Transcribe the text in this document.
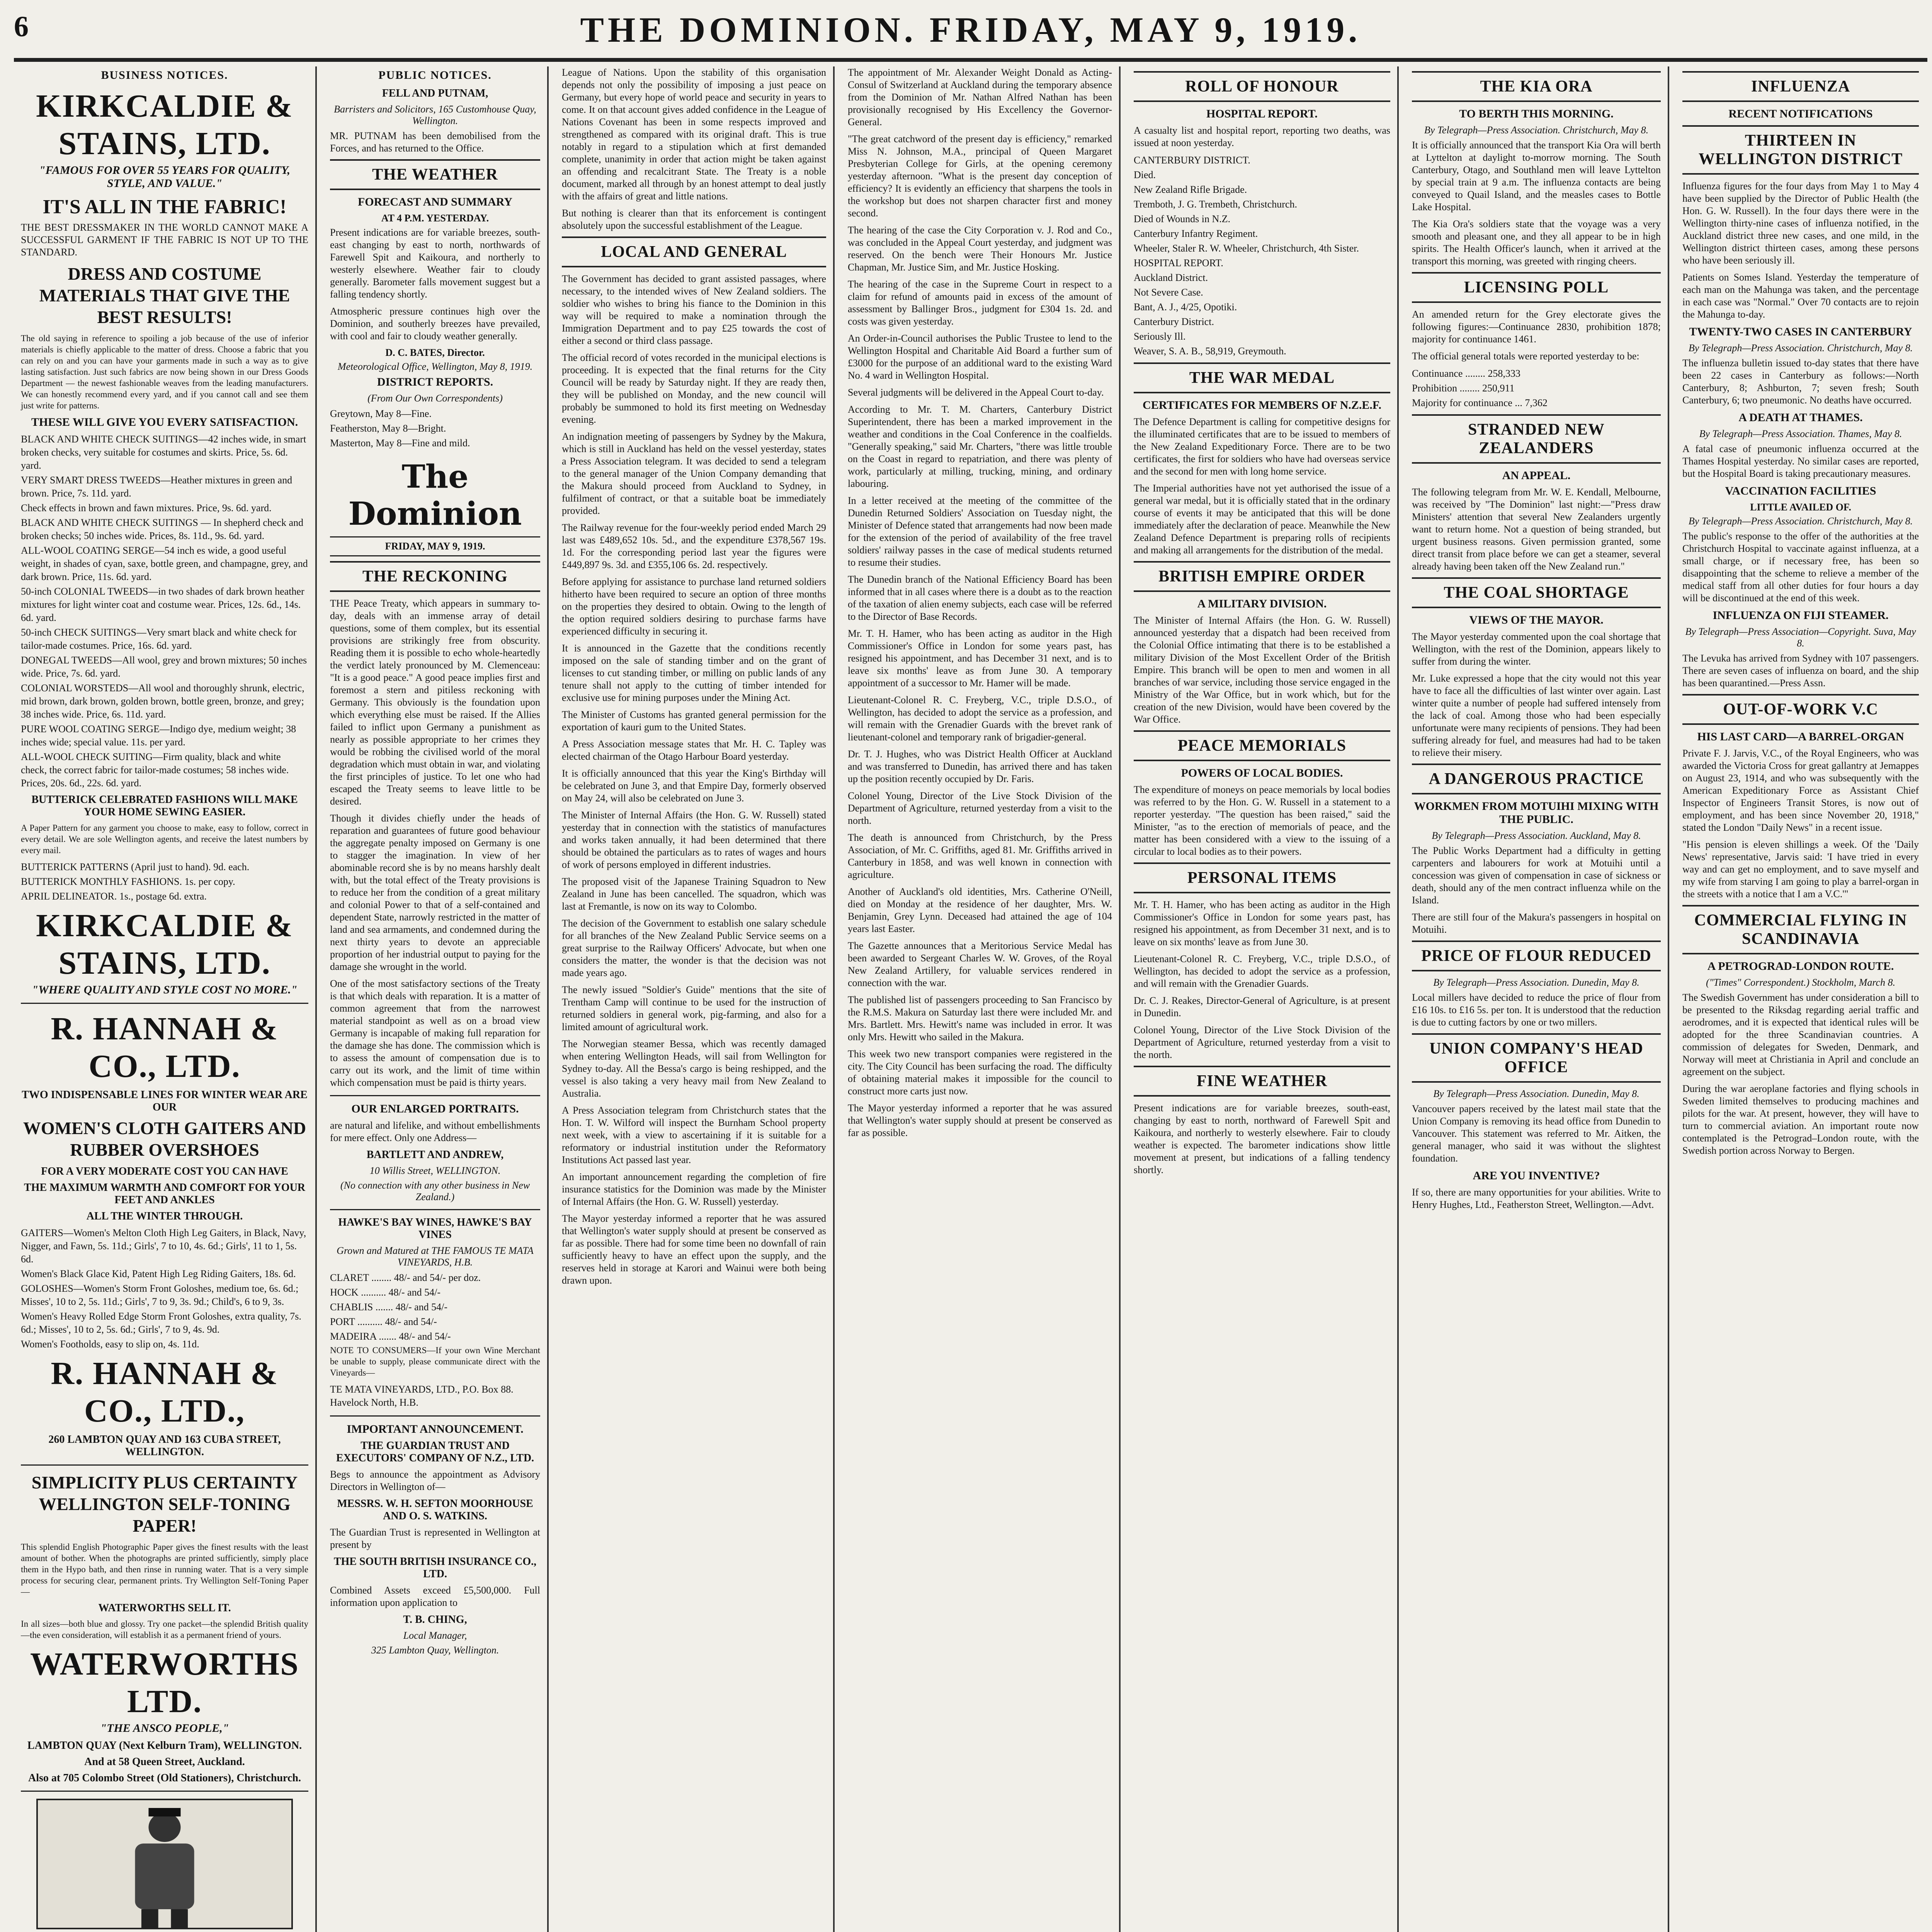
6	THE DOMINION. FRIDAY, MAY 9, 1919.
BUSINESS NOTICES.
KIRKCALDIE & STAINS, LTD.
"FAMOUS FOR OVER 55 YEARS FOR QUALITY, STYLE, AND VALUE."
IT'S ALL IN THE FABRIC!

THE BEST DRESSMAKER IN THE WORLD CANNOT MAKE A SUCCESSFUL GARMENT IF THE FABRIC IS NOT UP TO THE STANDARD.

DRESS AND COSTUME MATERIALS THAT GIVE THE BEST RESULTS!

The old saying in reference to spoiling a job because of the use of inferior materials is chiefly applicable to the matter of dress. Choose a fabric that you can rely on and you can have your garments made in such a way as to give lasting satisfaction. Just such fabrics are now being shown in our Dress Goods Department — the newest fashionable weaves from the leading manufacturers. We can honestly recommend every yard, and if you cannot call and see them just write for patterns.

THESE WILL GIVE YOU EVERY SATISFACTION.

BLACK AND WHITE CHECK SUITINGS—42 inches wide, in smart broken checks, very suitable for costumes and skirts. Price, 5s. 6d. yard.

VERY SMART DRESS TWEEDS—Heather mixtures in green and brown. Price, 7s. 11d. yard.

Check effects in brown and fawn mixtures. Price, 9s. 6d. yard.

BLACK AND WHITE CHECK SUITINGS — In shepherd check and broken checks; 50 inches wide. Prices, 8s. 11d., 9s. 6d. yard.

ALL-WOOL COATING SERGE—54 inch es wide, a good useful weight, in shades of cyan, saxe, bottle green, and champagne, grey, and dark brown. Price, 11s. 6d. yard.

50-inch COLONIAL TWEEDS—in two shades of dark brown heather mixtures for light winter coat and costume wear. Prices, 12s. 6d., 14s. 6d. yard.

50-inch CHECK SUITINGS—Very smart black and white check for tailor-made costumes. Price, 16s. 6d. yard.

DONEGAL TWEEDS—All wool, grey and brown mixtures; 50 inches wide. Price, 7s. 6d. yard.

COLONIAL WORSTEDS—All wool and thoroughly shrunk, electric, mid brown, dark brown, golden brown, bottle green, bronze, and grey; 38 inches wide. Price, 6s. 11d. yard.

PURE WOOL COATING SERGE—Indigo dye, medium weight; 38 inches wide; special value. 11s. per yard.

ALL-WOOL CHECK SUITING—Firm quality, black and white check, the correct fabric for tailor-made costumes; 58 inches wide. Prices, 20s. 6d., 22s. 6d. yard.

BUTTERICK CELEBRATED FASHIONS WILL MAKE YOUR HOME SEWING EASIER.

A Paper Pattern for any garment you choose to make, easy to follow, correct in every detail. We are sole Wellington agents, and receive the latest numbers by every mail.

BUTTERICK PATTERNS (April just to hand). 9d. each.

BUTTERICK MONTHLY FASHIONS. 1s. per copy.

APRIL DELINEATOR. 1s., postage 6d. extra.

KIRKCALDIE & STAINS, LTD.
"WHERE QUALITY AND STYLE COST NO MORE."
R. HANNAH & CO., LTD.
TWO INDISPENSABLE LINES FOR WINTER WEAR ARE OUR
WOMEN'S CLOTH GAITERS AND RUBBER OVERSHOES
FOR A VERY MODERATE COST YOU CAN HAVE
THE MAXIMUM WARMTH AND COMFORT FOR YOUR FEET AND ANKLES
ALL THE WINTER THROUGH.

GAITERS—Women's Melton Cloth High Leg Gaiters, in Black, Navy, Nigger, and Fawn, 5s. 11d.; Girls', 7 to 10, 4s. 6d.; Girls', 11 to 1, 5s. 6d.

Women's Black Glace Kid, Patent High Leg Riding Gaiters, 18s. 6d.

GOLOSHES—Women's Storm Front Goloshes, medium toe, 6s. 6d.; Misses', 10 to 2, 5s. 11d.; Girls', 7 to 9, 3s. 9d.; Child's, 6 to 9, 3s.

Women's Heavy Rolled Edge Storm Front Goloshes, extra quality, 7s. 6d.; Misses', 10 to 2, 5s. 6d.; Girls', 7 to 9, 4s. 9d.

Women's Footholds, easy to slip on, 4s. 11d.

R. HANNAH & CO., LTD.,
260 LAMBTON QUAY AND 163 CUBA STREET, WELLINGTON.
SIMPLICITY PLUS CERTAINTY WELLINGTON SELF-TONING PAPER!

This splendid English Photographic Paper gives the finest results with the least amount of bother. When the photographs are printed sufficiently, simply place them in the Hypo bath, and then rinse in running water. That is a very simple process for securing clear, permanent prints. Try Wellington Self-Toning Paper—

WATERWORTHS SELL IT.

In all sizes—both blue and glossy. Try one packet—the splendid British quality—the even consideration, will establish it as a permanent friend of yours.

WATERWORTHS LTD.
"THE ANSCO PEOPLE,"
LAMBTON QUAY (Next Kelburn Tram), WELLINGTON.
And at 58 Queen Street, Auckland.
Also at 705 Colombo Street (Old Stationers), Christchurch.

PUBLIC NOTICES.
FELL AND PUTNAM,
Barristers and Solicitors, 165 Customhouse Quay, Wellington.

MR. PUTNAM has been demobilised from the Forces, and has returned to the Office.

THE WEATHER
FORECAST AND SUMMARY
AT 4 P.M. YESTERDAY.

Present indications are for variable breezes, south-east changing by east to north, northwards of Farewell Spit and Kaikoura, and northerly to westerly elsewhere. Weather fair to cloudy generally. Barometer falls movement suggest but a falling tendency shortly.

Atmospheric pressure continues high over the Dominion, and southerly breezes have prevailed, with cool and fair to cloudy weather generally.

D. C. BATES, Director.
Meteorological Office, Wellington, May 8, 1919.
DISTRICT REPORTS.
(From Our Own Correspondents)

Greytown, May 8—Fine.

Featherston, May 8—Bright.

Masterton, May 8—Fine and mild.

The Dominion
FRIDAY, MAY 9, 1919.
THE RECKONING

THE Peace Treaty, which appears in summary to-day, deals with an immense array of detail questions, some of them complex, but its essential provisions are strikingly free from obscurity. Reading them it is possible to echo whole-heartedly the verdict lately pronounced by M. Clemenceau: "It is a good peace." A good peace implies first and foremost a stern and pitiless reckoning with Germany. This obviously is the foundation upon which everything else must be raised. If the Allies failed to inflict upon Germany a punishment as nearly as possible appropriate to her crimes they would be robbing the civilised world of the moral degradation which must obtain in war, and violating the first principles of justice. To let one who had escaped the Treaty seems to leave little to be desired.

Though it divides chiefly under the heads of reparation and guarantees of future good behaviour the aggregate penalty imposed on Germany is one to stagger the imagination. In view of her abominable record she is by no means harshly dealt with, but the total effect of the Treaty provisions is to reduce her from the condition of a great military and colonial Power to that of a self-contained and dependent State, narrowly restricted in the matter of land and sea armaments, and condemned during the next thirty years to devote an appreciable proportion of her industrial output to paying for the damage she wrought in the world.

One of the most satisfactory sections of the Treaty is that which deals with reparation. It is a matter of common agreement that from the narrowest material standpoint as well as on a broad view Germany is incapable of making full reparation for the damage she has done. The commission which is to assess the amount of compensation due is to carry out its work, and the limit of time within which compensation must be paid is thirty years.

OUR ENLARGED PORTRAITS.

are natural and lifelike, and without embellishments for mere effect. Only one Address—

BARTLETT AND ANDREW,
10 Willis Street, WELLINGTON.
(No connection with any other business in New Zealand.)
HAWKE'S BAY WINES, HAWKE'S BAY VINES
Grown and Matured at THE FAMOUS TE MATA VINEYARDS, H.B.

CLARET ........ 48/- and 54/- per doz.

HOCK .......... 48/- and 54/-

CHABLIS ....... 48/- and 54/-

PORT .......... 48/- and 54/-

MADEIRA ....... 48/- and 54/-

NOTE TO CONSUMERS—If your own Wine Merchant be unable to supply, please communicate direct with the Vineyards—

TE MATA VINEYARDS, LTD., P.O. Box 88. Havelock North, H.B.

IMPORTANT ANNOUNCEMENT.
THE GUARDIAN TRUST AND EXECUTORS' COMPANY OF N.Z., LTD.

Begs to announce the appointment as Advisory Directors in Wellington of—

MESSRS. W. H. SEFTON MOORHOUSE AND O. S. WATKINS.

The Guardian Trust is represented in Wellington at present by

THE SOUTH BRITISH INSURANCE CO., LTD.

Combined Assets exceed £5,500,000. Full information upon application to

T. B. CHING,
Local Manager,
325 Lambton Quay, Wellington.

League of Nations. Upon the stability of this organisation depends not only the possibility of imposing a just peace on Germany, but every hope of world peace and security in years to come. It on that account gives added confidence in the League of Nations Covenant has been in some respects improved and strengthened as compared with its original draft. This is true notably in regard to a stipulation which at first demanded complete, unanimity in order that action might be taken against an offending and recalcitrant State. The Treaty is a noble document, marked all through by an honest attempt to deal justly with the affairs of great and little nations.

But nothing is clearer than that its enforcement is contingent absolutely upon the successful establishment of the League.

LOCAL AND GENERAL

The Government has decided to grant assisted passages, where necessary, to the intended wives of New Zealand soldiers. The soldier who wishes to bring his fiance to the Dominion in this way will be required to make a nomination through the Immigration Department and to pay £25 towards the cost of either a second or third class passage.

The official record of votes recorded in the municipal elections is proceeding. It is expected that the final returns for the City Council will be ready by Saturday night. If they are ready then, they will be published on Monday, and the new council will probably be summoned to hold its first meeting on Wednesday evening.

An indignation meeting of passengers by Sydney by the Makura, which is still in Auckland has held on the vessel yesterday, states a Press Association telegram. It was decided to send a telegram to the general manager of the Union Company demanding that the Makura should proceed from Auckland to Sydney, in fulfilment of contract, or that a suitable boat be immediately provided.

The Railway revenue for the four-weekly period ended March 29 last was £489,652 10s. 5d., and the expenditure £378,567 19s. 1d. For the corresponding period last year the figures were £449,897 9s. 3d. and £355,106 6s. 2d. respectively.

Before applying for assistance to purchase land returned soldiers hitherto have been required to secure an option of three months on the properties they desired to obtain. Owing to the length of the option required soldiers desiring to purchase farms have experienced difficulty in securing it.

It is announced in the Gazette that the conditions recently imposed on the sale of standing timber and on the grant of licenses to cut standing timber, or milling on public lands of any tenure shall not apply to the cutting of timber intended for exclusive use for mining purposes under the Mining Act.

The Minister of Customs has granted general permission for the exportation of kauri gum to the United States.

A Press Association message states that Mr. H. C. Tapley was elected chairman of the Otago Harbour Board yesterday.

It is officially announced that this year the King's Birthday will be celebrated on June 3, and that Empire Day, formerly observed on May 24, will also be celebrated on June 3.

The Minister of Internal Affairs (the Hon. G. W. Russell) stated yesterday that in connection with the statistics of manufactures and works taken annually, it had been determined that there should be obtained the particulars as to rates of wages and hours of work of persons employed in different industries.

The proposed visit of the Japanese Training Squadron to New Zealand in June has been cancelled. The squadron, which was last at Fremantle, is now on its way to Colombo.

The decision of the Government to establish one salary schedule for all branches of the New Zealand Public Service seems on a great surprise to the Railway Officers' Advocate, but when one considers the matter, the wonder is that the decision was not made years ago.

The newly issued "Soldier's Guide" mentions that the site of Trentham Camp will continue to be used for the instruction of returned soldiers in general work, pig-farming, and also for a limited amount of agricultural work.

The Norwegian steamer Bessa, which was recently damaged when entering Wellington Heads, will sail from Wellington for Sydney to-day. All the Bessa's cargo is being reshipped, and the vessel is also taking a very heavy mail from New Zealand to Australia.

A Press Association telegram from Christchurch states that the Hon. T. W. Wilford will inspect the Burnham School property next week, with a view to ascertaining if it is suitable for a reformatory or industrial institution under the Reformatory Institutions Act passed last year.

An important announcement regarding the completion of fire insurance statistics for the Dominion was made by the Minister of Internal Affairs (the Hon. G. W. Russell) yesterday.

The Mayor yesterday informed a reporter that he was assured that Wellington's water supply should at present be conserved as far as possible. There had for some time been no downfall of rain sufficiently heavy to have an effect upon the supply, and the reserves held in storage at Karori and Wainui were both being drawn upon.

The appointment of Mr. Alexander Weight Donald as Acting-Consul of Switzerland at Auckland during the temporary absence from the Dominion of Mr. Nathan Alfred Nathan has been provisionally recognised by His Excellency the Governor-General.

"The great catchword of the present day is efficiency," remarked Miss N. Johnson, M.A., principal of Queen Margaret Presbyterian College for Girls, at the opening ceremony yesterday afternoon. "What is the present day conception of efficiency? It is evidently an efficiency that sharpens the tools in the workshop but does not sharpen character first and money second.

The hearing of the case the City Corporation v. J. Rod and Co., was concluded in the Appeal Court yesterday, and judgment was reserved. On the bench were Their Honours Mr. Justice Chapman, Mr. Justice Sim, and Mr. Justice Hosking.

The hearing of the case in the Supreme Court in respect to a claim for refund of amounts paid in excess of the amount of assessment by Ballinger Bros., judgment for £304 1s. 2d. and costs was given yesterday.

An Order-in-Council authorises the Public Trustee to lend to the Wellington Hospital and Charitable Aid Board a further sum of £3000 for the purpose of an additional ward to the existing Ward No. 4 ward in Wellington Hospital.

Several judgments will be delivered in the Appeal Court to-day.

According to Mr. T. M. Charters, Canterbury District Superintendent, there has been a marked improvement in the weather and conditions in the Coal Conference in the coalfields. "Generally speaking," said Mr. Charters, "there was little trouble on the Coast in regard to repatriation, and there was plenty of work, particularly at milling, trucking, mining, and ordinary labouring.

In a letter received at the meeting of the committee of the Dunedin Returned Soldiers' Association on Tuesday night, the Minister of Defence stated that arrangements had now been made for the extension of the period of availability of the free travel soldiers' railway passes in the case of medical students returned to resume their studies.

The Dunedin branch of the National Efficiency Board has been informed that in all cases where there is a doubt as to the reaction of the taxation of alien enemy subjects, each case will be referred to the Director of Base Records.

Mr. T. H. Hamer, who has been acting as auditor in the High Commissioner's Office in London for some years past, has resigned his appointment, and has December 31 next, and is to leave six months' leave as from June 30. A temporary appointment of a successor to Mr. Hamer will be made.

Lieutenant-Colonel R. C. Freyberg, V.C., triple D.S.O., of Wellington, has decided to adopt the service as a profession, and will remain with the Grenadier Guards with the brevet rank of lieutenant-colonel and temporary rank of brigadier-general.

Dr. T. J. Hughes, who was District Health Officer at Auckland and was transferred to Dunedin, has arrived there and has taken up the position recently occupied by Dr. Faris.

Colonel Young, Director of the Live Stock Division of the Department of Agriculture, returned yesterday from a visit to the north.

The death is announced from Christchurch, by the Press Association, of Mr. C. Griffiths, aged 81. Mr. Griffiths arrived in Canterbury in 1858, and was well known in connection with agriculture.

Another of Auckland's old identities, Mrs. Catherine O'Neill, died on Monday at the residence of her daughter, Mrs. W. Benjamin, Grey Lynn. Deceased had attained the age of 104 years last Easter.

The Gazette announces that a Meritorious Service Medal has been awarded to Sergeant Charles W. W. Groves, of the Royal New Zealand Artillery, for valuable services rendered in connection with the war.

The published list of passengers proceeding to San Francisco by the R.M.S. Makura on Saturday last there were included Mr. and Mrs. Bartlett. Mrs. Hewitt's name was included in error. It was only Mrs. Hewitt who sailed in the Makura.

This week two new transport companies were registered in the city. The City Council has been surfacing the road. The difficulty of obtaining material makes it impossible for the council to construct more carts just now.

The Mayor yesterday informed a reporter that he was assured that Wellington's water supply should at present be conserved as far as possible.

ROLL OF HONOUR
HOSPITAL REPORT.

A casualty list and hospital report, reporting two deaths, was issued at noon yesterday.

CANTERBURY DISTRICT.

Died.

New Zealand Rifle Brigade.

Tremboth, J. G. Trembeth, Christchurch.

Died of Wounds in N.Z.

Canterbury Infantry Regiment.

Wheeler, Staler R. W. Wheeler, Christchurch, 4th Sister.

HOSPITAL REPORT.

Auckland District.

Not Severe Case.

Bant, A. J., 4/25, Opotiki.

Canterbury District.

Seriously Ill.

Weaver, S. A. B., 58,919, Greymouth.

THE WAR MEDAL
CERTIFICATES FOR MEMBERS OF N.Z.E.F.

The Defence Department is calling for competitive designs for the illuminated certificates that are to be issued to members of the New Zealand Expeditionary Force. There are to be two certificates, the first for soldiers who have had overseas service and the second for men with long home service.

The Imperial authorities have not yet authorised the issue of a general war medal, but it is officially stated that in the ordinary course of events it may be anticipated that this will be done immediately after the declaration of peace. Meanwhile the New Zealand Defence Department is preparing rolls of recipients and making all arrangements for the distribution of the medal.

BRITISH EMPIRE ORDER
A MILITARY DIVISION.

The Minister of Internal Affairs (the Hon. G. W. Russell) announced yesterday that a dispatch had been received from the Colonial Office intimating that there is to be established a military Division of the Most Excellent Order of the British Empire. This branch will be open to men and women in all branches of war service, including those service engaged in the Ministry of the War Office, but in work which, but for the creation of the new Division, would have been covered by the War Office.

PEACE MEMORIALS
POWERS OF LOCAL BODIES.

The expenditure of moneys on peace memorials by local bodies was referred to by the Hon. G. W. Russell in a statement to a reporter yesterday. "The question has been raised," said the Minister, "as to the erection of memorials of peace, and the matter has been considered with a view to the issuing of a circular to local bodies as to their powers.

PERSONAL ITEMS

Mr. T. H. Hamer, who has been acting as auditor in the High Commissioner's Office in London for some years past, has resigned his appointment, as from December 31 next, and is to leave on six months' leave as from June 30.

Lieutenant-Colonel R. C. Freyberg, V.C., triple D.S.O., of Wellington, has decided to adopt the service as a profession, and will remain with the Grenadier Guards.

Dr. C. J. Reakes, Director-General of Agriculture, is at present in Dunedin.

Colonel Young, Director of the Live Stock Division of the Department of Agriculture, returned yesterday from a visit to the north.

FINE WEATHER

Present indications are for variable breezes, south-east, changing by east to north, northward of Farewell Spit and Kaikoura, and northerly to westerly elsewhere. Fair to cloudy weather is expected. The barometer indications show little movement at present, but indications of a falling tendency shortly.

THE KIA ORA
TO BERTH THIS MORNING.
By Telegraph—Press Association. Christchurch, May 8.

It is officially announced that the transport Kia Ora will berth at Lyttelton at daylight to-morrow morning. The South Canterbury, Otago, and Southland men will leave Lyttelton by special train at 9 a.m. The influenza contacts are being conveyed to Quail Island, and the measles cases to Bottle Lake Hospital.

The Kia Ora's soldiers state that the voyage was a very smooth and pleasant one, and they all appear to be in high spirits. The Health Officer's launch, when it arrived at the transport this morning, was greeted with ringing cheers.

LICENSING POLL

An amended return for the Grey electorate gives the following figures:—Continuance 2830, prohibition 1878; majority for continuance 1461.

The official general totals were reported yesterday to be:

Continuance ........ 258,333

Prohibition ........ 250,911

Majority for continuance ... 7,362

STRANDED NEW ZEALANDERS
AN APPEAL.

The following telegram from Mr. W. E. Kendall, Melbourne, was received by "The Dominion" last night:—"Press draw Ministers' attention that several New Zealanders urgently want to return home. Not a question of being stranded, but urgent business reasons. Given permission granted, some direct transit from place before we can get a steamer, several already having been taken off the New Zealand run."

THE COAL SHORTAGE
VIEWS OF THE MAYOR.

The Mayor yesterday commented upon the coal shortage that Wellington, with the rest of the Dominion, appears likely to suffer from during the winter.

Mr. Luke expressed a hope that the city would not this year have to face all the difficulties of last winter over again. Last winter quite a number of people had suffered intensely from the lack of coal. Among those who had been especially unfortunate were many recipients of pensions. They had been suffering already for fuel, and measures had had to be taken to relieve their misery.

A DANGEROUS PRACTICE
WORKMEN FROM MOTUIHI MIXING WITH THE PUBLIC.
By Telegraph—Press Association. Auckland, May 8.

The Public Works Department had a difficulty in getting carpenters and labourers for work at Motuihi until a concession was given of compensation in case of sickness or death, should any of the men contract influenza while on the Island.

There are still four of the Makura's passengers in hospital on Motuihi.

PRICE OF FLOUR REDUCED
By Telegraph—Press Association. Dunedin, May 8.

Local millers have decided to reduce the price of flour from £16 10s. to £16 5s. per ton. It is understood that the reduction is due to cutting factors by one or two millers.

UNION COMPANY'S HEAD OFFICE
By Telegraph—Press Association. Dunedin, May 8.

Vancouver papers received by the latest mail state that the Union Company is removing its head office from Dunedin to Vancouver. This statement was referred to Mr. Aitken, the general manager, who said it was without the slightest foundation.

ARE YOU INVENTIVE?

If so, there are many opportunities for your abilities. Write to Henry Hughes, Ltd., Featherston Street, Wellington.—Advt.

INFLUENZA
RECENT NOTIFICATIONS
THIRTEEN IN WELLINGTON DISTRICT

Influenza figures for the four days from May 1 to May 4 have been supplied by the Director of Public Health (the Hon. G. W. Russell). In the four days there were in the Wellington thirty-nine cases of influenza notified, in the Auckland district three new cases, and one mild, in the Wellington district thirteen cases, among these persons who have been seriously ill.

Patients on Somes Island. Yesterday the temperature of each man on the Mahunga was taken, and the percentage in each case was "Normal." Over 70 contacts are to rejoin the Mahunga to-day.

TWENTY-TWO CASES IN CANTERBURY
By Telegraph—Press Association. Christchurch, May 8.

The influenza bulletin issued to-day states that there have been 22 cases in Canterbury as follows:—North Canterbury, 8; Ashburton, 7; seven fresh; South Canterbury, 6; two pneumonic. No deaths have occurred.

A DEATH AT THAMES.
By Telegraph—Press Association. Thames, May 8.

A fatal case of pneumonic influenza occurred at the Thames Hospital yesterday. No similar cases are reported, but the Hospital Board is taking precautionary measures.

VACCINATION FACILITIES
LITTLE AVAILED OF.
By Telegraph—Press Association. Christchurch, May 8.

The public's response to the offer of the authorities at the Christchurch Hospital to vaccinate against influenza, at a small charge, or if necessary free, has been so disappointing that the scheme to relieve a member of the medical staff from all other duties for four hours a day will be discontinued at the end of this week.

INFLUENZA ON FIJI STEAMER.
By Telegraph—Press Association—Copyright. Suva, May 8.

The Levuka has arrived from Sydney with 107 passengers. There are seven cases of influenza on board, and the ship has been quarantined.—Press Assn.

OUT-OF-WORK V.C
HIS LAST CARD—A BARREL-ORGAN

Private F. J. Jarvis, V.C., of the Royal Engineers, who was awarded the Victoria Cross for great gallantry at Jemappes on August 23, 1914, and who was subsequently with the American Expeditionary Force as Assistant Chief Inspector of Engineers Transit Stores, is now out of employment, and has been since November 20, 1918," stated the London "Daily News" in a recent issue.

"His pension is eleven shillings a week. Of the 'Daily News' representative, Jarvis said: 'I have tried in every way and can get no employment, and to save myself and my wife from starving I am going to play a barrel-organ in the streets with a notice that I am a V.C.'"

COMMERCIAL FLYING IN SCANDINAVIA
A PETROGRAD-LONDON ROUTE.
("Times" Correspondent.) Stockholm, March 8.

The Swedish Government has under consideration a bill to be presented to the Riksdag regarding aerial traffic and aerodromes, and it is expected that identical rules will be adopted for the three Scandinavian countries. A commission of delegates for Sweden, Denmark, and Norway will meet at Christiania in April and conclude an agreement on the subject.

During the war aeroplane factories and flying schools in Sweden limited themselves to producing machines and pilots for the war. At present, however, they will have to turn to commercial aviation. An important route now contemplated is the Petrograd–London route, with the Swedish portion across Norway to Bergen.
